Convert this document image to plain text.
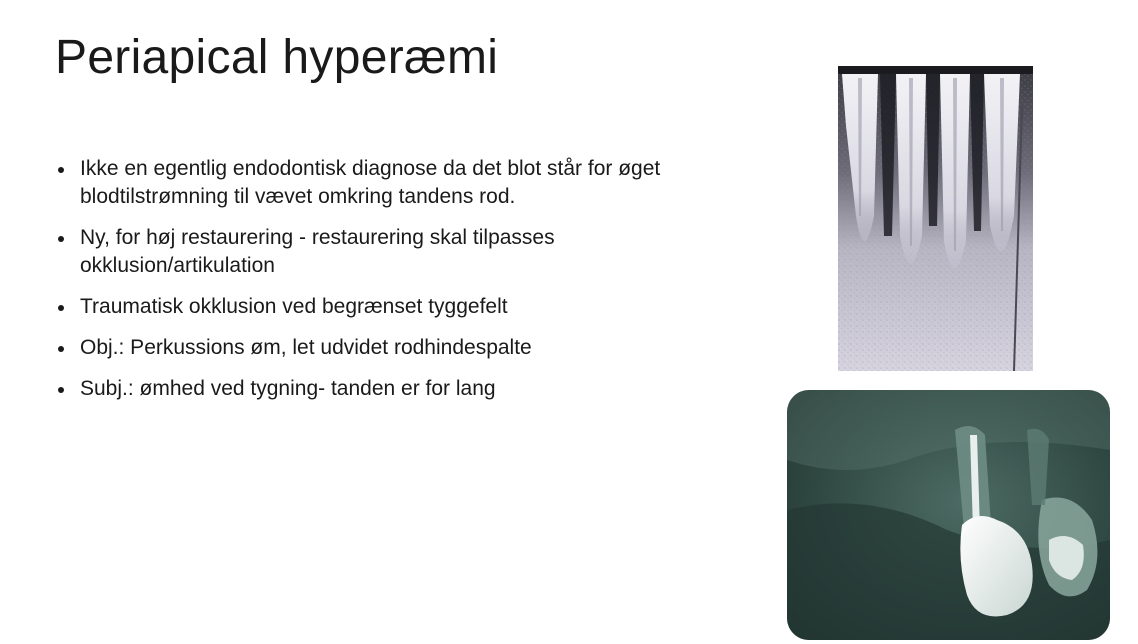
Periapical hyperæmi
Ikke en egentlig endodontisk diagnose da det blot står for øget blodtilstrømning til vævet omkring tandens rod.
Ny, for høj restaurering - restaurering skal tilpasses okklusion/artikulation
Traumatisk okklusion ved begrænset tyggefelt
Obj.: Perkussions øm, let udvidet rodhindespalte
Subj.: ømhed ved tygning- tanden er for lang
